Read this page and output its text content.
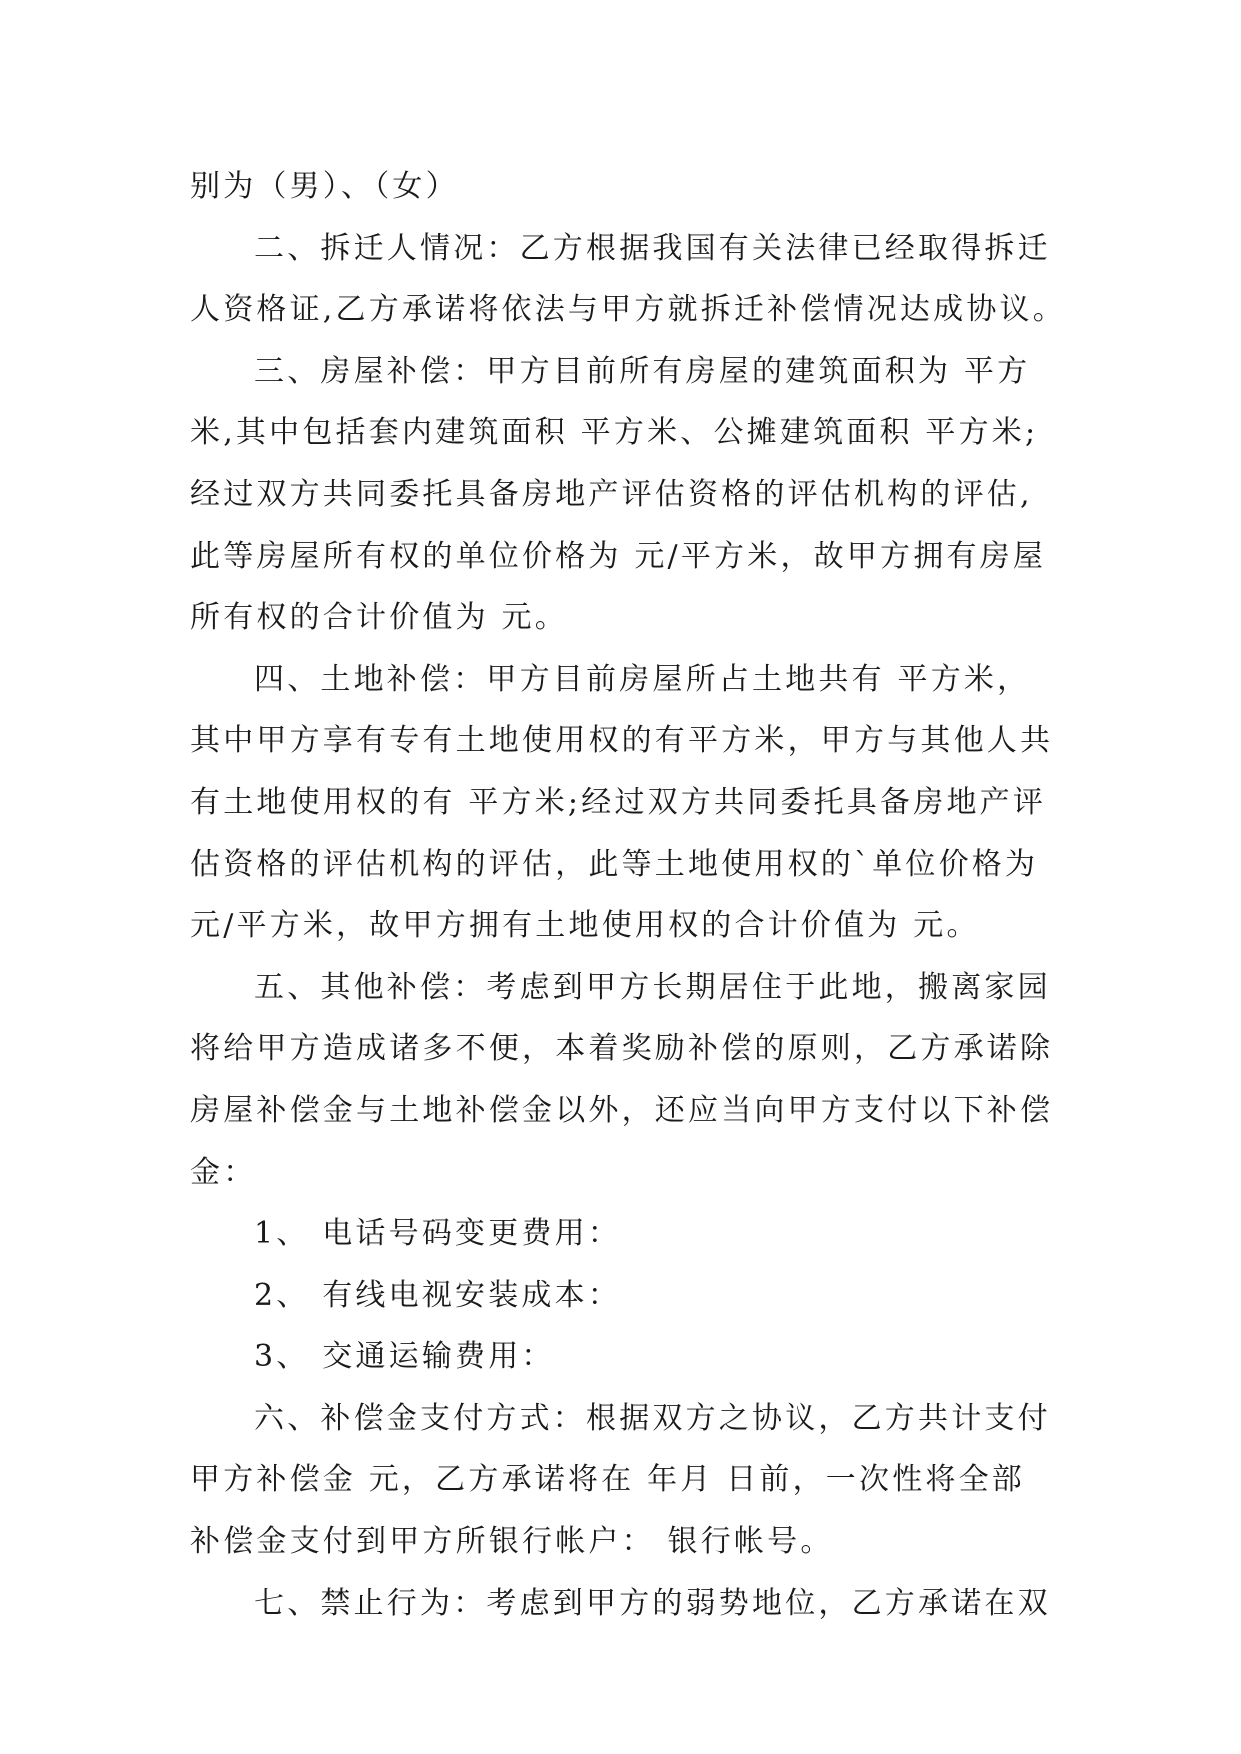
别为（男）、（女）
二、拆迁人情况：乙方根据我国有关法律已经取得拆迁
人资格证,乙方承诺将依法与甲方就拆迁补偿情况达成协议。
三、房屋补偿：甲方目前所有房屋的建筑面积为 平方
米,其中包括套内建筑面积 平方米、公摊建筑面积 平方米;
经过双方共同委托具备房地产评估资格的评估机构的评估,
此等房屋所有权的单位价格为 元/平方米，故甲方拥有房屋
所有权的合计价值为 元。
四、土地补偿：甲方目前房屋所占土地共有 平方米，
其中甲方享有专有土地使用权的有平方米，甲方与其他人共
有土地使用权的有 平方米;经过双方共同委托具备房地产评
估资格的评估机构的评估，此等土地使用权的`单位价格为
元/平方米，故甲方拥有土地使用权的合计价值为 元。
五、其他补偿：考虑到甲方长期居住于此地，搬离家园
将给甲方造成诸多不便，本着奖励补偿的原则，乙方承诺除
房屋补偿金与土地补偿金以外，还应当向甲方支付以下补偿
金：
1、 电话号码变更费用：
2、 有线电视安装成本：
3、 交通运输费用：
六、补偿金支付方式：根据双方之协议，乙方共计支付
甲方补偿金 元，乙方承诺将在 年月 日前，一次性将全部
补偿金支付到甲方所银行帐户： 银行帐号。
七、禁止行为：考虑到甲方的弱势地位，乙方承诺在双
